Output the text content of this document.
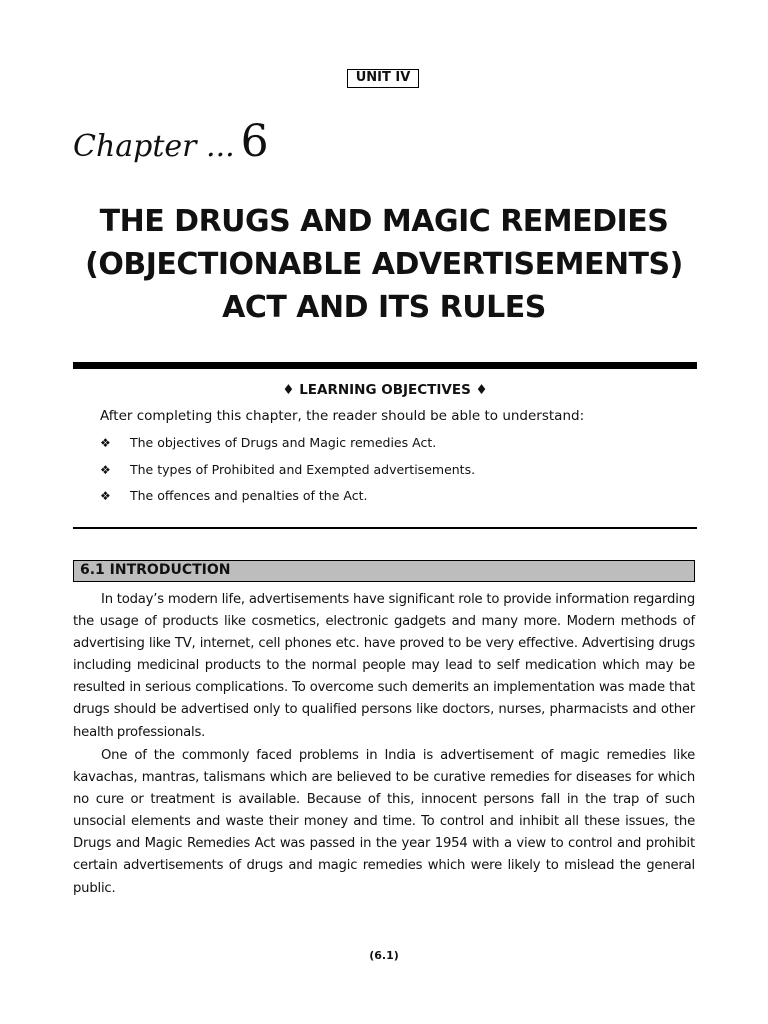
UNIT IV
Chapter ... 6
THE DRUGS AND MAGIC REMEDIES
(OBJECTIONABLE ADVERTISEMENTS)
ACT AND ITS RULES
♦ LEARNING OBJECTIVES ♦
After completing this chapter, the reader should be able to understand:
❖ The objectives of Drugs and Magic remedies Act.
❖ The types of Prohibited and Exempted advertisements.
❖ The offences and penalties of the Act.
6.1 INTRODUCTION

In today’s modern life, advertisements have significant role to provide information regarding the usage of products like cosmetics, electronic gadgets and many more. Modern methods of advertising like TV, internet, cell phones etc. have proved to be very effective. Advertising drugs including medicinal products to the normal people may lead to self medication which may be resulted in serious complications. To overcome such demerits an implementation was made that drugs should be advertised only to qualified persons like doctors, nurses, pharmacists and other health professionals.

One of the commonly faced problems in India is advertisement of magic remedies like kavachas, mantras, talismans which are believed to be curative remedies for diseases for which no cure or treatment is available. Because of this, innocent persons fall in the trap of such unsocial elements and waste their money and time. To control and inhibit all these issues, the Drugs and Magic Remedies Act was passed in the year 1954 with a view to control and prohibit certain advertisements of drugs and magic remedies which were likely to mislead the general public.

(6.1)
